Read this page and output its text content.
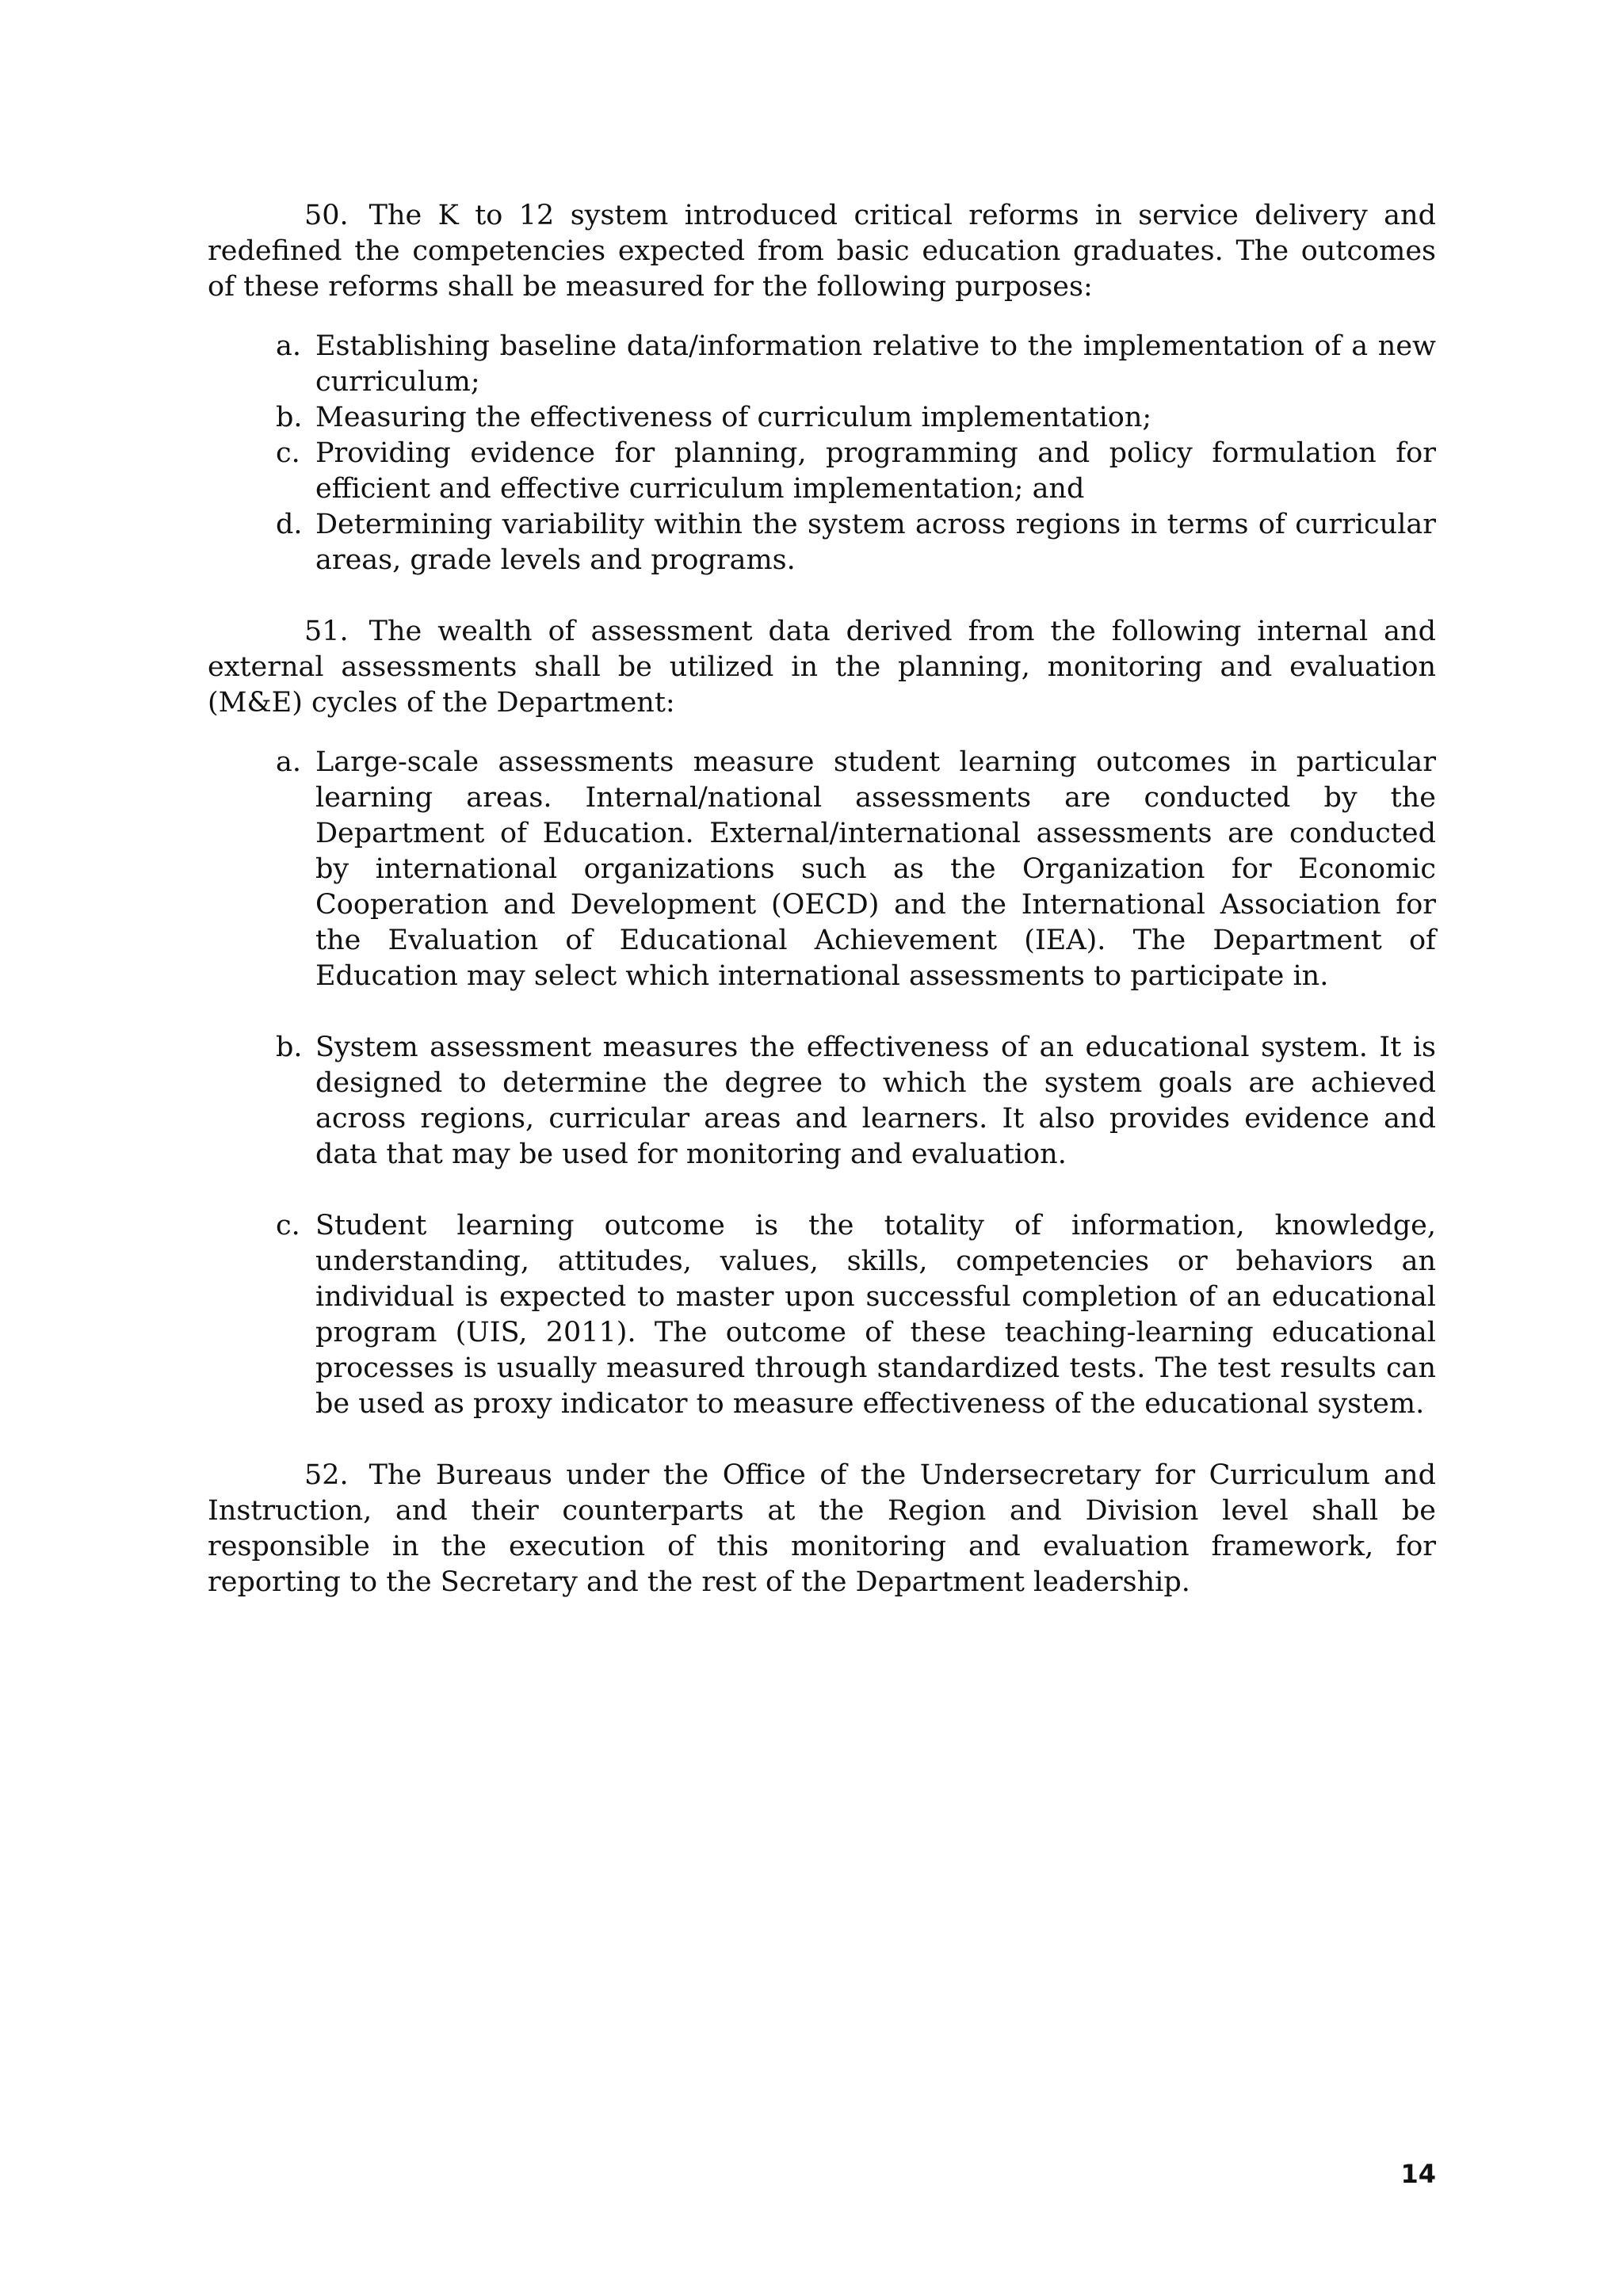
50. The K to 12 system introduced critical reforms in service delivery and redefined the competencies expected from basic education graduates. The outcomes of these reforms shall be measured for the following purposes:

a. Establishing baseline data/information relative to the implementation of a new curriculum;
b. Measuring the effectiveness of curriculum implementation;
c. Providing evidence for planning, programming and policy formulation for efficient and effective curriculum implementation; and
d. Determining variability within the system across regions in terms of curricular areas, grade levels and programs.

51. The wealth of assessment data derived from the following internal and external assessments shall be utilized in the planning, monitoring and evaluation (M&E) cycles of the Department:

a. Large-scale assessments measure student learning outcomes in particular learning areas. Internal/national assessments are conducted by the Department of Education. External/international assessments are conducted by international organizations such as the Organization for Economic Cooperation and Development (OECD) and the International Association for the Evaluation of Educational Achievement (IEA). The Department of Education may select which international assessments to participate in.
b. System assessment measures the effectiveness of an educational system. It is designed to determine the degree to which the system goals are achieved across regions, curricular areas and learners. It also provides evidence and data that may be used for monitoring and evaluation.
c. Student learning outcome is the totality of information, knowledge, understanding, attitudes, values, skills, competencies or behaviors an individual is expected to master upon successful completion of an educational program (UIS, 2011). The outcome of these teaching-learning educational processes is usually measured through standardized tests. The test results can be used as proxy indicator to measure effectiveness of the educational system.

52. The Bureaus under the Office of the Undersecretary for Curriculum and Instruction, and their counterparts at the Region and Division level shall be responsible in the execution of this monitoring and evaluation framework, for reporting to the Secretary and the rest of the Department leadership.

14
